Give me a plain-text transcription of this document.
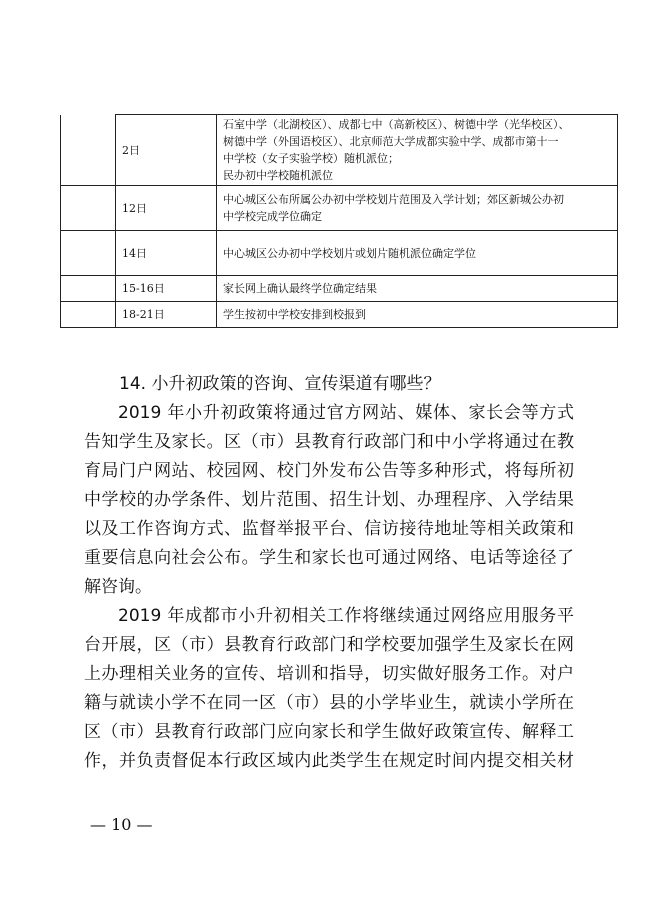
	2日	石室中学（北湖校区）、成都七中（高新校区）、树德中学（光华校区）、
树德中学（外国语校区）、北京师范大学成都实验中学、成都市第十一
中学校（女子实验学校）随机派位；
民办初中学校随机派位

	12日	中心城区公布所属公办初中学校划片范围及入学计划；郊区新城公办初
中学校完成学位确定

	14日	中心城区公办初中学校划片或划片随机派位确定学位

	15-16日	家长网上确认最终学位确定结果

	18-21日	学生按初中学校安排到校报到
14. 小升初政策的咨询、宣传渠道有哪些？

2019 年小升初政策将通过官方网站、媒体、家长会等方式
告知学生及家长。区（市）县教育行政部门和中小学将通过在教
育局门户网站、校园网、校门外发布公告等多种形式，将每所初
中学校的办学条件、划片范围、招生计划、办理程序、入学结果
以及工作咨询方式、监督举报平台、信访接待地址等相关政策和
重要信息向社会公布。学生和家长也可通过网络、电话等途径了
解咨询。

2019 年成都市小升初相关工作将继续通过网络应用服务平
台开展，区（市）县教育行政部门和学校要加强学生及家长在网
上办理相关业务的宣传、培训和指导，切实做好服务工作。对户
籍与就读小学不在同一区（市）县的小学毕业生，就读小学所在
区（市）县教育行政部门应向家长和学生做好政策宣传、解释工
作，并负责督促本行政区域内此类学生在规定时间内提交相关材

— 10 —
